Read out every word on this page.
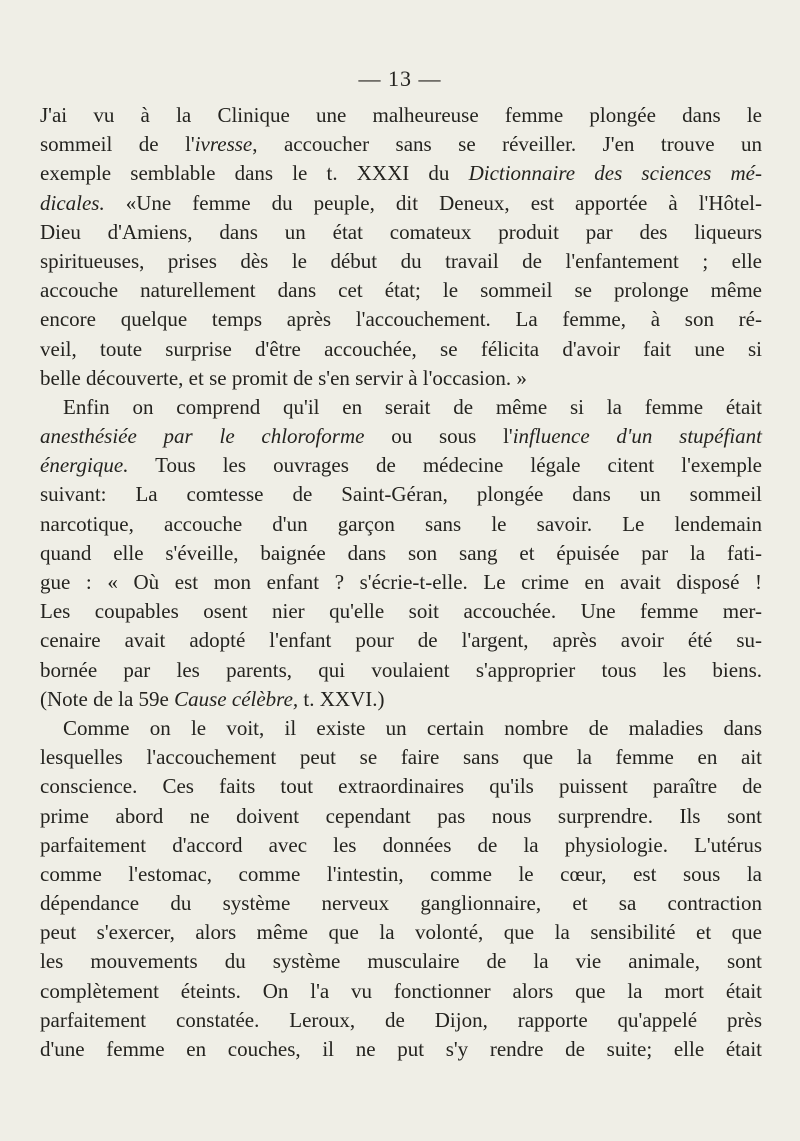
— 13 —
J'ai vu à la Clinique une malheureuse femme plongée dans le
sommeil de l'ivresse, accoucher sans se réveiller. J'en trouve un
exemple semblable dans le t. XXXI du Dictionnaire des sciences mé-
dicales. «Une femme du peuple, dit Deneux, est apportée à l'Hôtel-
Dieu d'Amiens, dans un état comateux produit par des liqueurs
spiritueuses, prises dès le début du travail de l'enfantement ; elle
accouche naturellement dans cet état; le sommeil se prolonge même
encore quelque temps après l'accouchement. La femme, à son ré-
veil, toute surprise d'être accouchée, se félicita d'avoir fait une si
belle découverte, et se promit de s'en servir à l'occasion. »
Enfin on comprend qu'il en serait de même si la femme était
anesthésiée par le chloroforme ou sous l'influence d'un stupéfiant
énergique. Tous les ouvrages de médecine légale citent l'exemple
suivant: La comtesse de Saint-Géran, plongée dans un sommeil
narcotique, accouche d'un garçon sans le savoir. Le lendemain
quand elle s'éveille, baignée dans son sang et épuisée par la fati-
gue : « Où est mon enfant ? s'écrie-t-elle. Le crime en avait disposé !
Les coupables osent nier qu'elle soit accouchée. Une femme mer-
cenaire avait adopté l'enfant pour de l'argent, après avoir été su-
bornée par les parents, qui voulaient s'approprier tous les biens.
(Note de la 59e Cause célèbre, t. XXVI.)
Comme on le voit, il existe un certain nombre de maladies dans
lesquelles l'accouchement peut se faire sans que la femme en ait
conscience. Ces faits tout extraordinaires qu'ils puissent paraître de
prime abord ne doivent cependant pas nous surprendre. Ils sont
parfaitement d'accord avec les données de la physiologie. L'utérus
comme l'estomac, comme l'intestin, comme le cœur, est sous la
dépendance du système nerveux ganglionnaire, et sa contraction
peut s'exercer, alors même que la volonté, que la sensibilité et que
les mouvements du système musculaire de la vie animale, sont
complètement éteints. On l'a vu fonctionner alors que la mort était
parfaitement constatée. Leroux, de Dijon, rapporte qu'appelé près
d'une femme en couches, il ne put s'y rendre de suite; elle était
